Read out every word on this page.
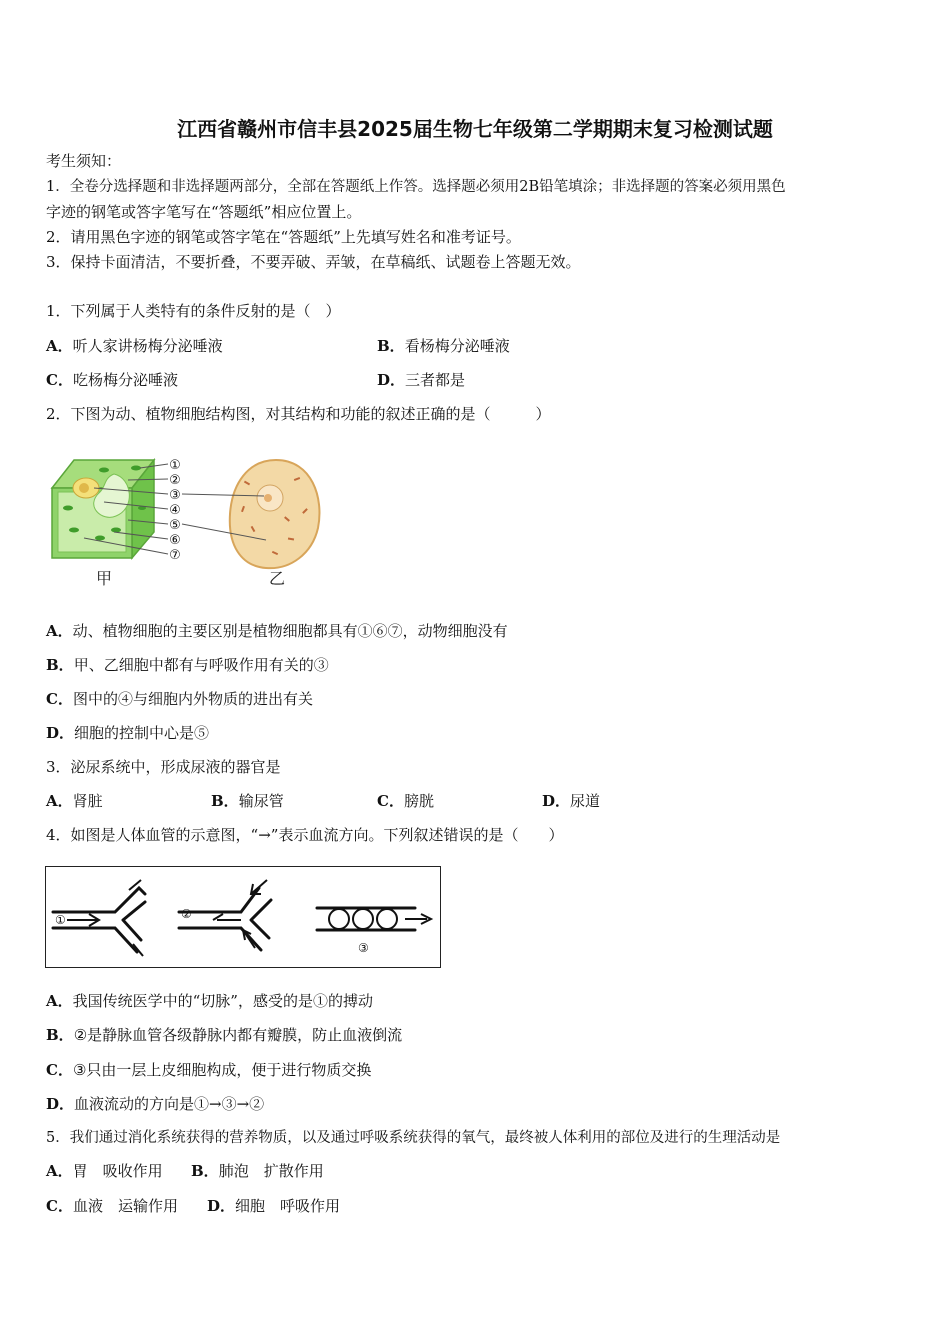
江西省赣州市信丰县2025届生物七年级第二学期期末复习检测试题
考生须知：
1．全卷分选择题和非选择题两部分，全部在答题纸上作答。选择题必须用2B铅笔填涂；非选择题的答案必须用黑色
字迹的钢笔或答字笔写在“答题纸”相应位置上。
2．请用黑色字迹的钢笔或答字笔在“答题纸”上先填写姓名和准考证号。
3．保持卡面清洁，不要折叠，不要弄破、弄皱，在草稿纸、试题卷上答题无效。
1．下列属于人类特有的条件反射的是（　）
A．听人家讲杨梅分泌唾液	B．看杨梅分泌唾液
C．吃杨梅分泌唾液	D．三者都是
2．下图为动、植物细胞结构图，对其结构和功能的叙述正确的是（　　　）
①
②
③
④
⑤
⑥
⑦
甲	乙
A．动、植物细胞的主要区别是植物细胞都具有①⑥⑦，动物细胞没有
B．甲、乙细胞中都有与呼吸作用有关的③
C．图中的④与细胞内外物质的进出有关
D．细胞的控制中心是⑤
3．泌尿系统中，形成尿液的器官是
A．肾脏	B．输尿管	C．膀胱	D．尿道
4．如图是人体血管的示意图，“→”表示血流方向。下列叙述错误的是（　　）
①	②
③
A．我国传统医学中的“切脉”，感受的是①的搏动
B．②是静脉血管各级静脉内都有瓣膜，防止血液倒流
C．③只由一层上皮细胞构成，便于进行物质交换
D．血液流动的方向是①→③→②
5．我们通过消化系统获得的营养物质，以及通过呼吸系统获得的氧气，最终被人体利用的部位及进行的生理活动是
A．胃　吸收作用 B．肺泡　扩散作用
C．血液　运输作用 D．细胞　呼吸作用
